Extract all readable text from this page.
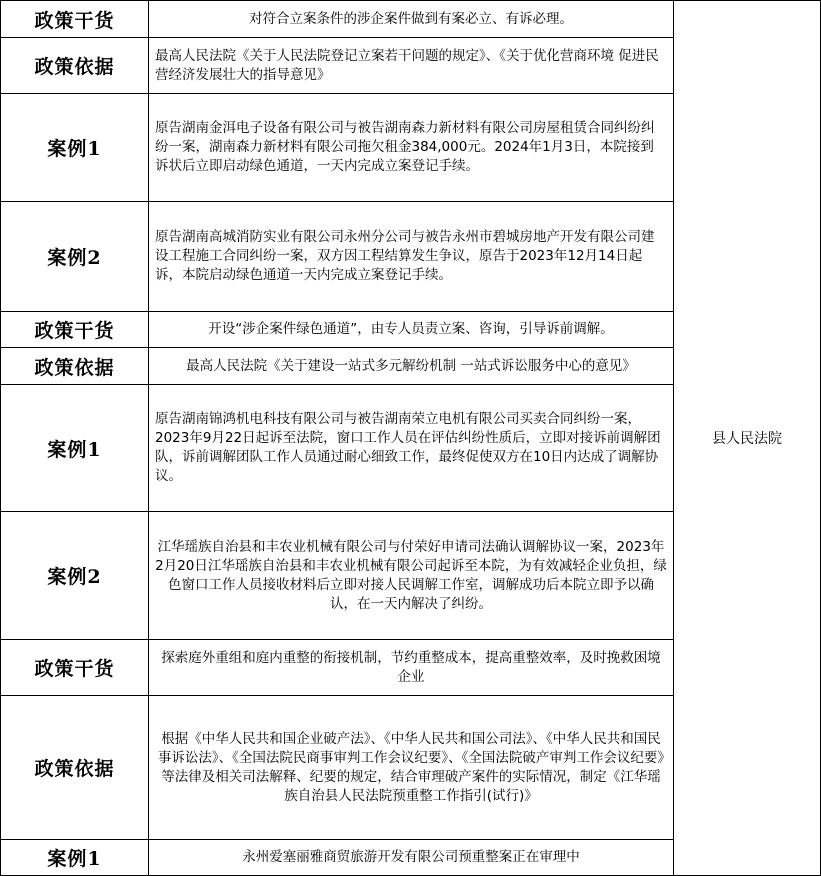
政策干货	对符合立案条件的涉企案件做到有案必立、有诉必理。	县人民法院
政策依据	最高人民法院《关于人民法院登记立案若干问题的规定》、《关于优化营商环境 促进民营经济发展壮大的指导意见》	
案例1	原告湖南金洱电子设备有限公司与被告湖南森力新材料有限公司房屋租赁合同纠纷纠纷一案，湖南森力新材料有限公司拖欠租金384,000元。2024年1月3日，本院接到诉状后立即启动绿色通道，一天内完成立案登记手续。	
案例2	原告湖南高城消防实业有限公司永州分公司与被告永州市碧城房地产开发有限公司建设工程施工合同纠纷一案，双方因工程结算发生争议，原告于2023年12月14日起诉，本院启动绿色通道一天内完成立案登记手续。	
政策干货	开设“涉企案件绿色通道”，由专人员责立案、咨询，引导诉前调解。	
政策依据	最高人民法院《关于建设一站式多元解纷机制 一站式诉讼服务中心的意见》	
案例1	原告湖南锦鸿机电科技有限公司与被告湖南荣立电机有限公司买卖合同纠纷一案，2023年9月22日起诉至法院，窗口工作人员在评估纠纷性质后，立即对接诉前调解团队，诉前调解团队工作人员通过耐心细致工作，最终促使双方在10日内达成了调解协议。	
案例2	江华瑶族自治县和丰农业机械有限公司与付荣好申请司法确认调解协议一案，2023年2月20日江华瑶族自治县和丰农业机械有限公司起诉至本院，为有效减轻企业负担，绿色窗口工作人员接收材料后立即对接人民调解工作室，调解成功后本院立即予以确认，在一天内解决了纠纷。	
政策干货	探索庭外重组和庭内重整的衔接机制，节约重整成本，提高重整效率，及时挽救困境企业	
政策依据	根据《中华人民共和国企业破产法》、《中华人民共和国公司法》、《中华人民共和国民事诉讼法》、《全国法院民商事审判工作会议纪要》、《全国法院破产审判工作会议纪要》等法律及相关司法解释、纪要的规定，结合审理破产案件的实际情况，制定《江华瑶族自治县人民法院预重整工作指引(试行)》	
案例1	永州爱塞丽雅商贸旅游开发有限公司预重整案正在审理中	
